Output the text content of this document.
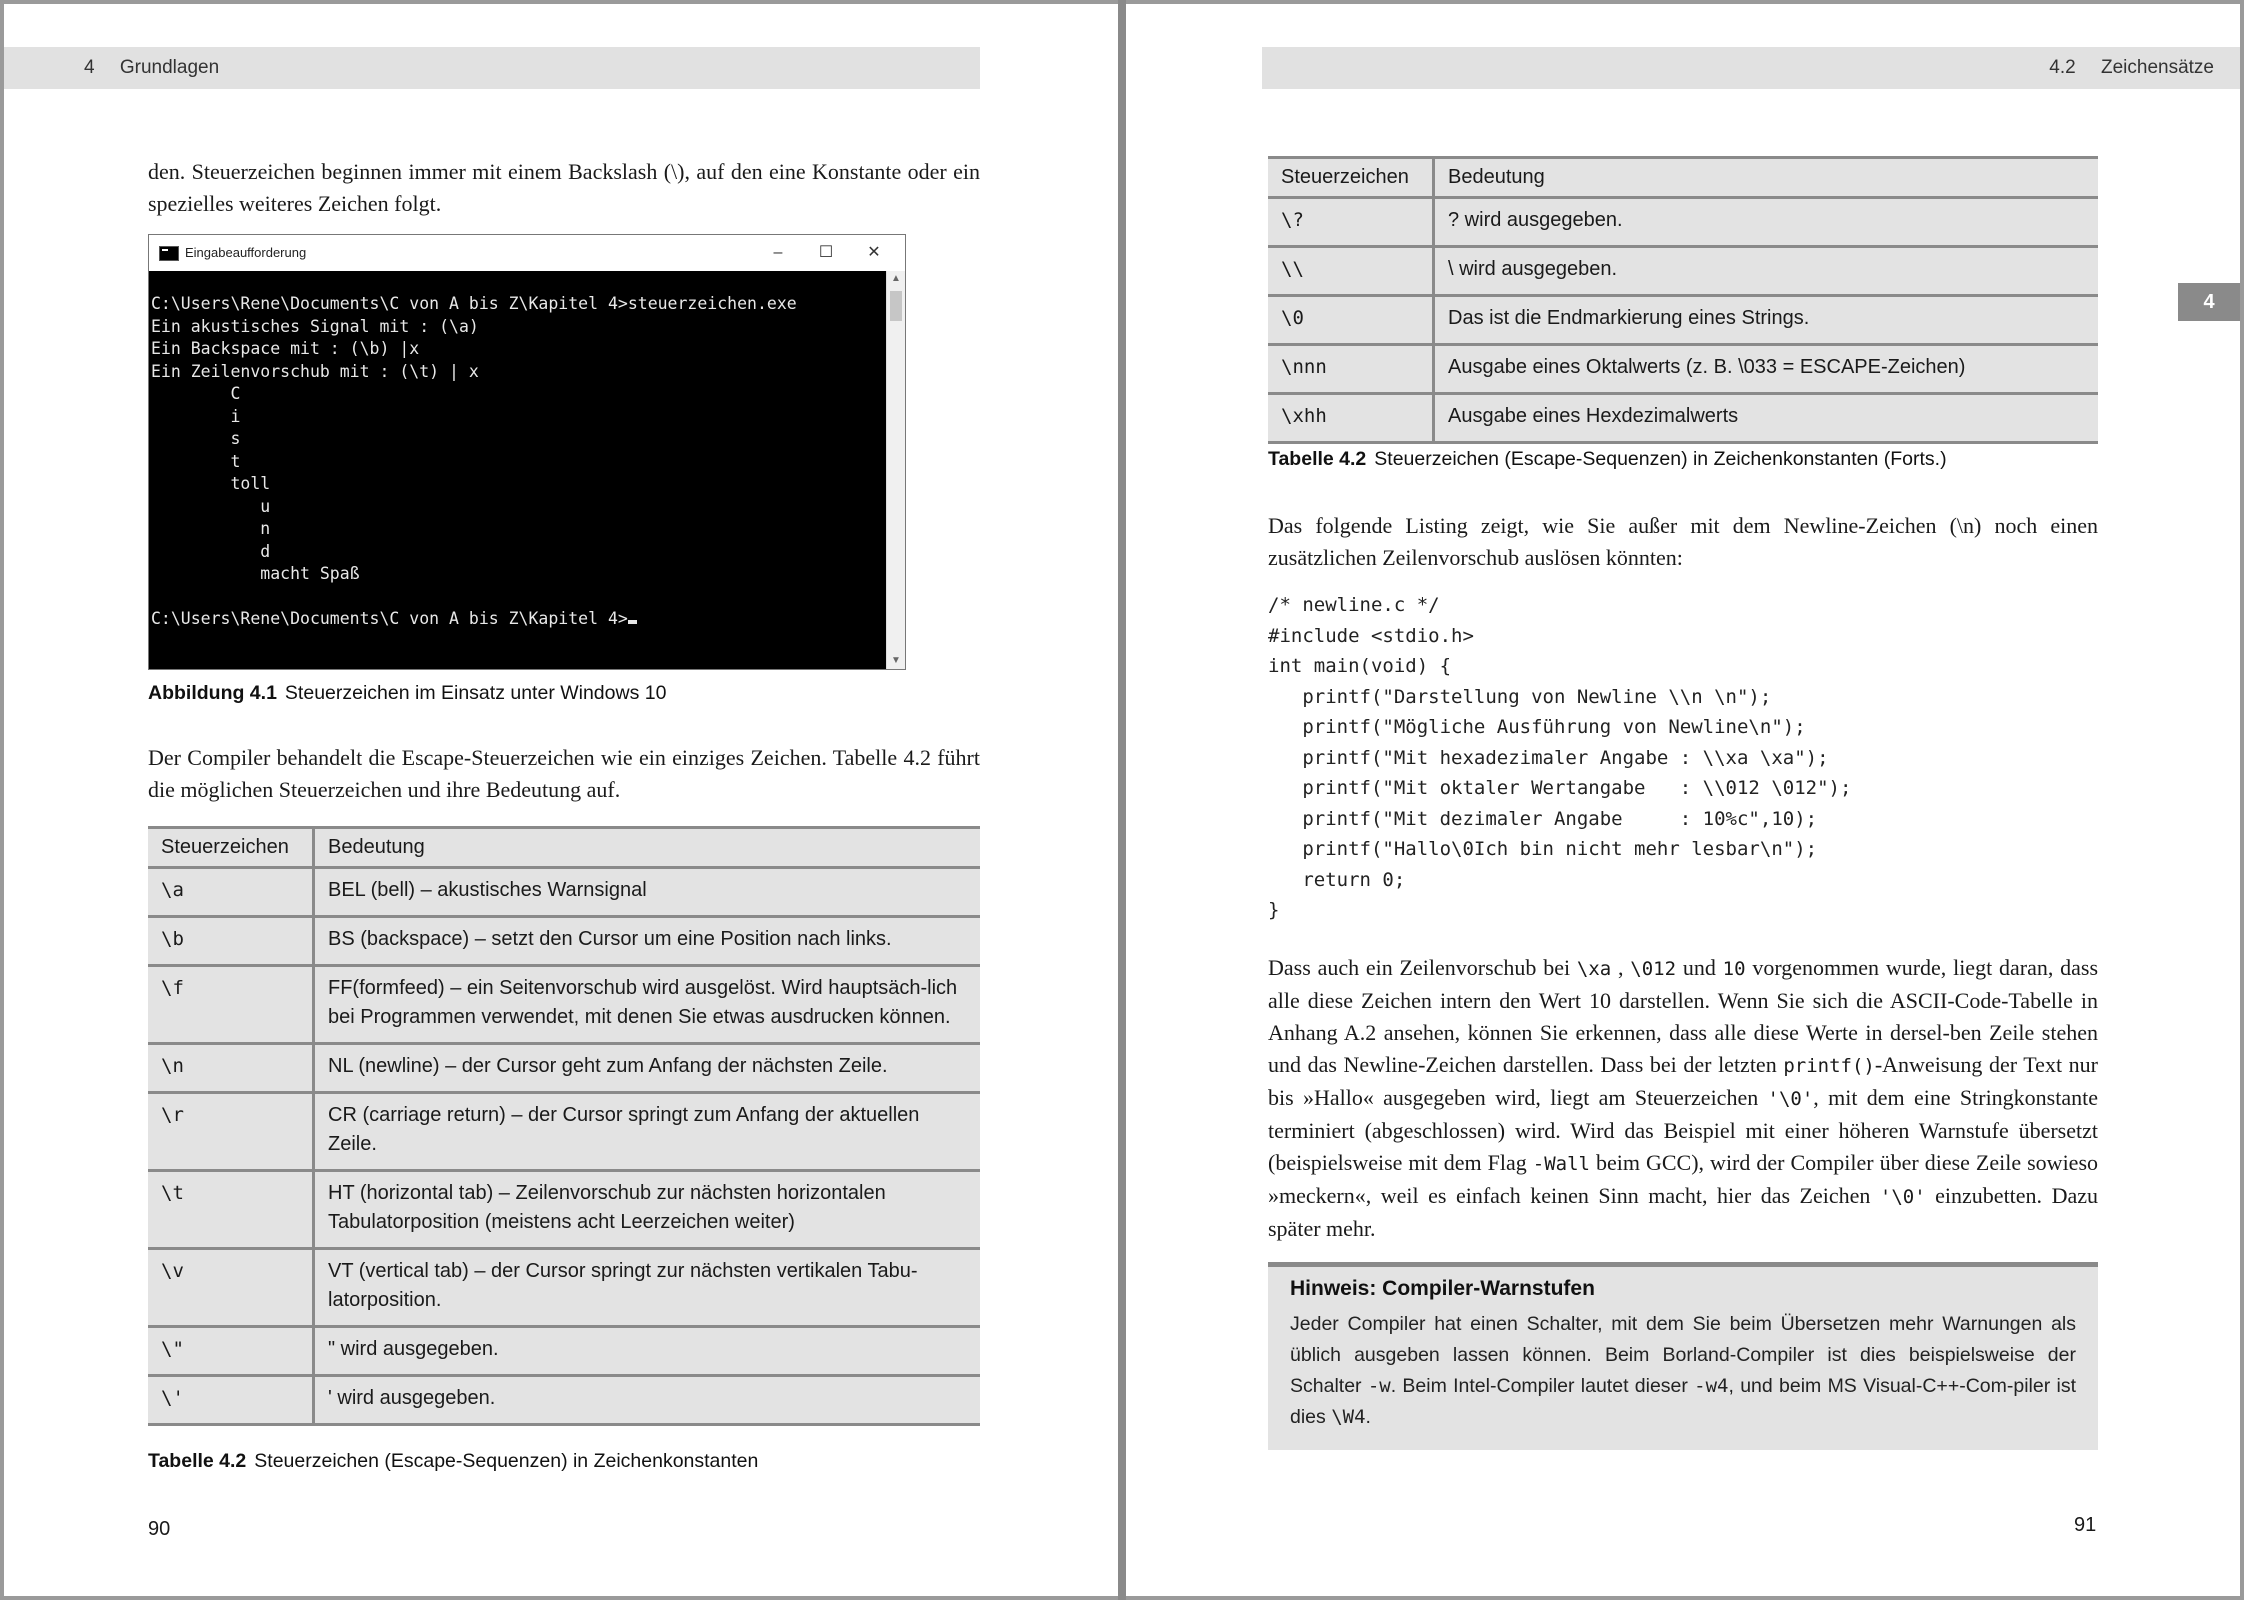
4 Grundlagen
den. Steuerzeichen beginnen immer mit einem Backslash (\), auf den eine Konstante oder ein spezielles weiteres Zeichen folgt.
Eingabeaufforderung	–	☐	✕
C:\Users\Rene\Documents\C von A bis Z\Kapitel 4>steuerzeichen.exe
Ein akustisches Signal mit : (\a)
Ein Backspace mit : (\b) |x
Ein Zeilenvorschub mit : (\t) | x
C
i
s
t
toll
u
n
d
macht Spaß

C:\Users\Rene\Documents\C von A bis Z\Kapitel 4>
▲
▼
Abbildung 4.1 Steuerzeichen im Einsatz unter Windows 10
Der Compiler behandelt die Escape-Steuerzeichen wie ein einziges Zeichen. Tabelle 4.2 führt die möglichen Steuerzeichen und ihre Bedeutung auf.
Steuerzeichen	Bedeutung
\a	BEL (bell) – akustisches Warnsignal
\b	BS (backspace) – setzt den Cursor um eine Position nach links.
\f	FF(formfeed) – ein Seitenvorschub wird ausgelöst. Wird hauptsäch-lich bei Programmen verwendet, mit denen Sie etwas ausdrucken können.
\n	NL (newline) – der Cursor geht zum Anfang der nächsten Zeile.
\r	CR (carriage return) – der Cursor springt zum Anfang der aktuellen Zeile.
\t	HT (horizontal tab) – Zeilenvorschub zur nächsten horizontalen Tabulatorposition (meistens acht Leerzeichen weiter)
\v	VT (vertical tab) – der Cursor springt zur nächsten vertikalen Tabu-latorposition.
\"	" wird ausgegeben.
\'	' wird ausgegeben.
Tabelle 4.2 Steuerzeichen (Escape-Sequenzen) in Zeichenkonstanten
90
4.2 Zeichensätze
4
Steuerzeichen	Bedeutung
\?	? wird ausgegeben.
\\	\ wird ausgegeben.
\0	Das ist die Endmarkierung eines Strings.
\nnn	Ausgabe eines Oktalwerts (z. B. \033 = ESCAPE-Zeichen)
\xhh	Ausgabe eines Hexdezimalwerts
Tabelle 4.2 Steuerzeichen (Escape-Sequenzen) in Zeichenkonstanten (Forts.)
Das folgende Listing zeigt, wie Sie außer mit dem Newline-Zeichen (\n) noch einen zusätzlichen Zeilenvorschub auslösen könnten:
/* newline.c */
#include <stdio.h>
int main(void) {
printf("Darstellung von Newline \\n \n");
printf("Mögliche Ausführung von Newline\n");
printf("Mit hexadezimaler Angabe : \\xa \xa");
printf("Mit oktaler Wertangabe   : \\012 \012");
printf("Mit dezimaler Angabe     : 10%c",10);
printf("Hallo\0Ich bin nicht mehr lesbar\n");
return 0;
}
Dass auch ein Zeilenvorschub bei \xa , \012 und 10 vorgenommen wurde, liegt daran, dass alle diese Zeichen intern den Wert 10 darstellen. Wenn Sie sich die ASCII-Code-Tabelle in Anhang A.2 ansehen, können Sie erkennen, dass alle diese Werte in dersel-ben Zeile stehen und das Newline-Zeichen darstellen. Dass bei der letzten printf()-Anweisung der Text nur bis »Hallo« ausgegeben wird, liegt am Steuerzeichen '\0', mit dem eine Stringkonstante terminiert (abgeschlossen) wird. Wird das Beispiel mit einer höheren Warnstufe übersetzt (beispielsweise mit dem Flag -Wall beim GCC), wird der Compiler über diese Zeile sowieso »meckern«, weil es einfach keinen Sinn macht, hier das Zeichen '\0' einzubetten. Dazu später mehr.
Hinweis: Compiler-Warnstufen
Jeder Compiler hat einen Schalter, mit dem Sie beim Übersetzen mehr Warnungen als üblich ausgeben lassen können. Beim Borland-Compiler ist dies beispielsweise der Schalter -w. Beim Intel-Compiler lautet dieser -w4, und beim MS Visual-C++-Com-piler ist dies \W4.
91
